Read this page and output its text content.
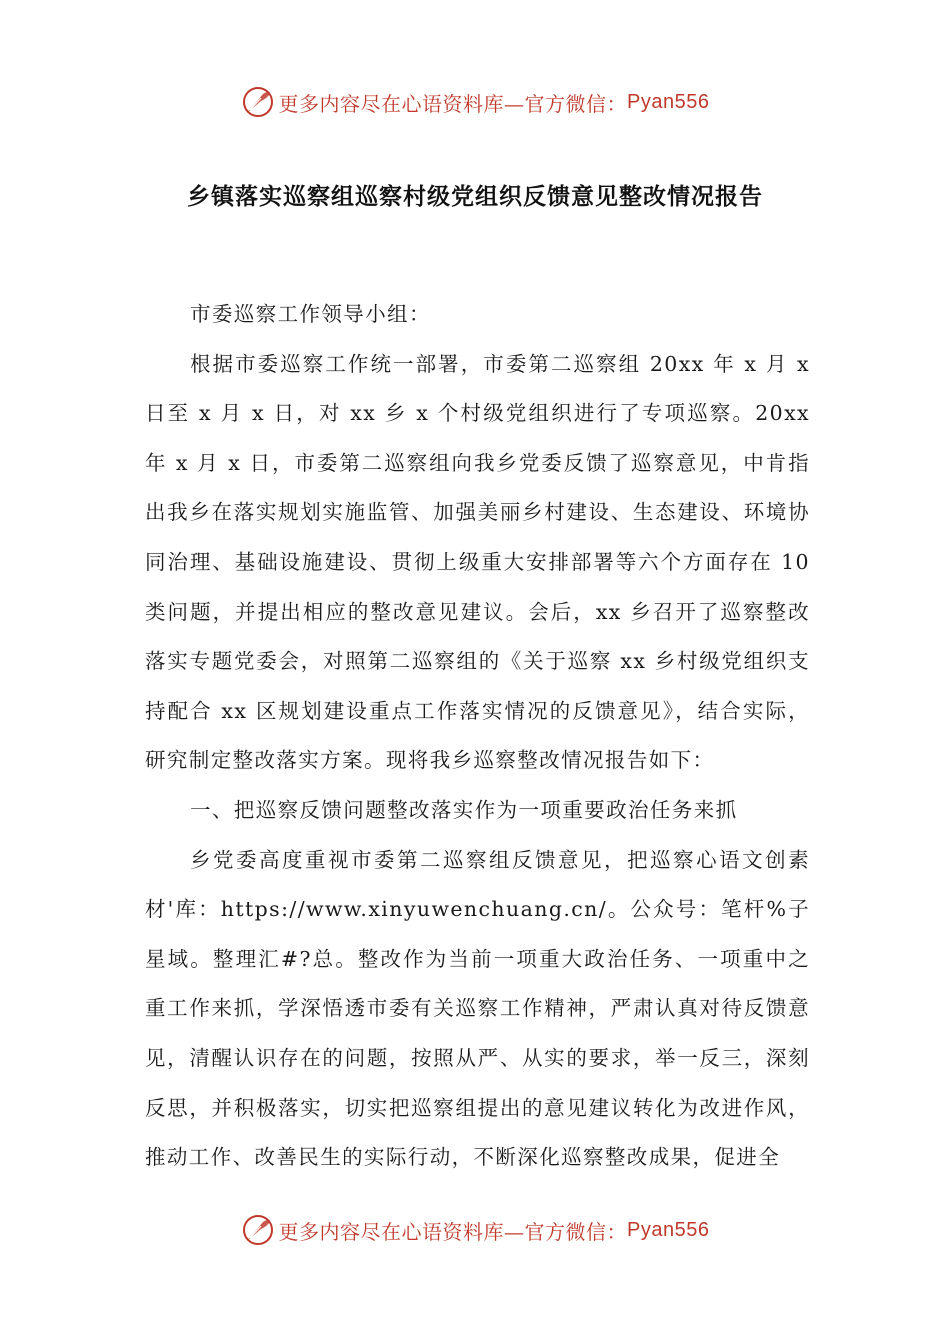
更多内容尽在心语资料库—官方微信： Pyan556
乡镇落实巡察组巡察村级党组织反馈意见整改情况报告

市委巡察工作领导小组：

根据市委巡察工作统一部署，市委第二巡察组 20xx 年 x 月 x 日至 x 月 x 日，对 xx 乡 x 个村级党组织进行了专项巡察。20xx 年 x 月 x 日，市委第二巡察组向我乡党委反馈了巡察意见，中肯指出我乡在落实规划实施监管、加强美丽乡村建设、生态建设、环境协同治理、基础设施建设、贯彻上级重大安排部署等六个方面存在 10 类问题，并提出相应的整改意见建议。会后，xx 乡召开了巡察整改落实专题党委会，对照第二巡察组的《关于巡察 xx 乡村级党组织支持配合 xx 区规划建设重点工作落实情况的反馈意见》，结合实际，研究制定整改落实方案。现将我乡巡察整改情况报告如下：

一、把巡察反馈问题整改落实作为一项重要政治任务来抓

乡党委高度重视市委第二巡察组反馈意见，把巡察心语文创素材'库：https://www.xinyuwenchuang.cn/。公众号：笔杆%子星域。整理汇#?总。整改作为当前一项重大政治任务、一项重中之重工作来抓，学深悟透市委有关巡察工作精神，严肃认真对待反馈意见，清醒认识存在的问题，按照从严、从实的要求，举一反三，深刻反思，并积极落实，切实把巡察组提出的意见建议转化为改进作风，推动工作、改善民生的实际行动，不断深化巡察整改成果，促进全

更多内容尽在心语资料库—官方微信： Pyan556
